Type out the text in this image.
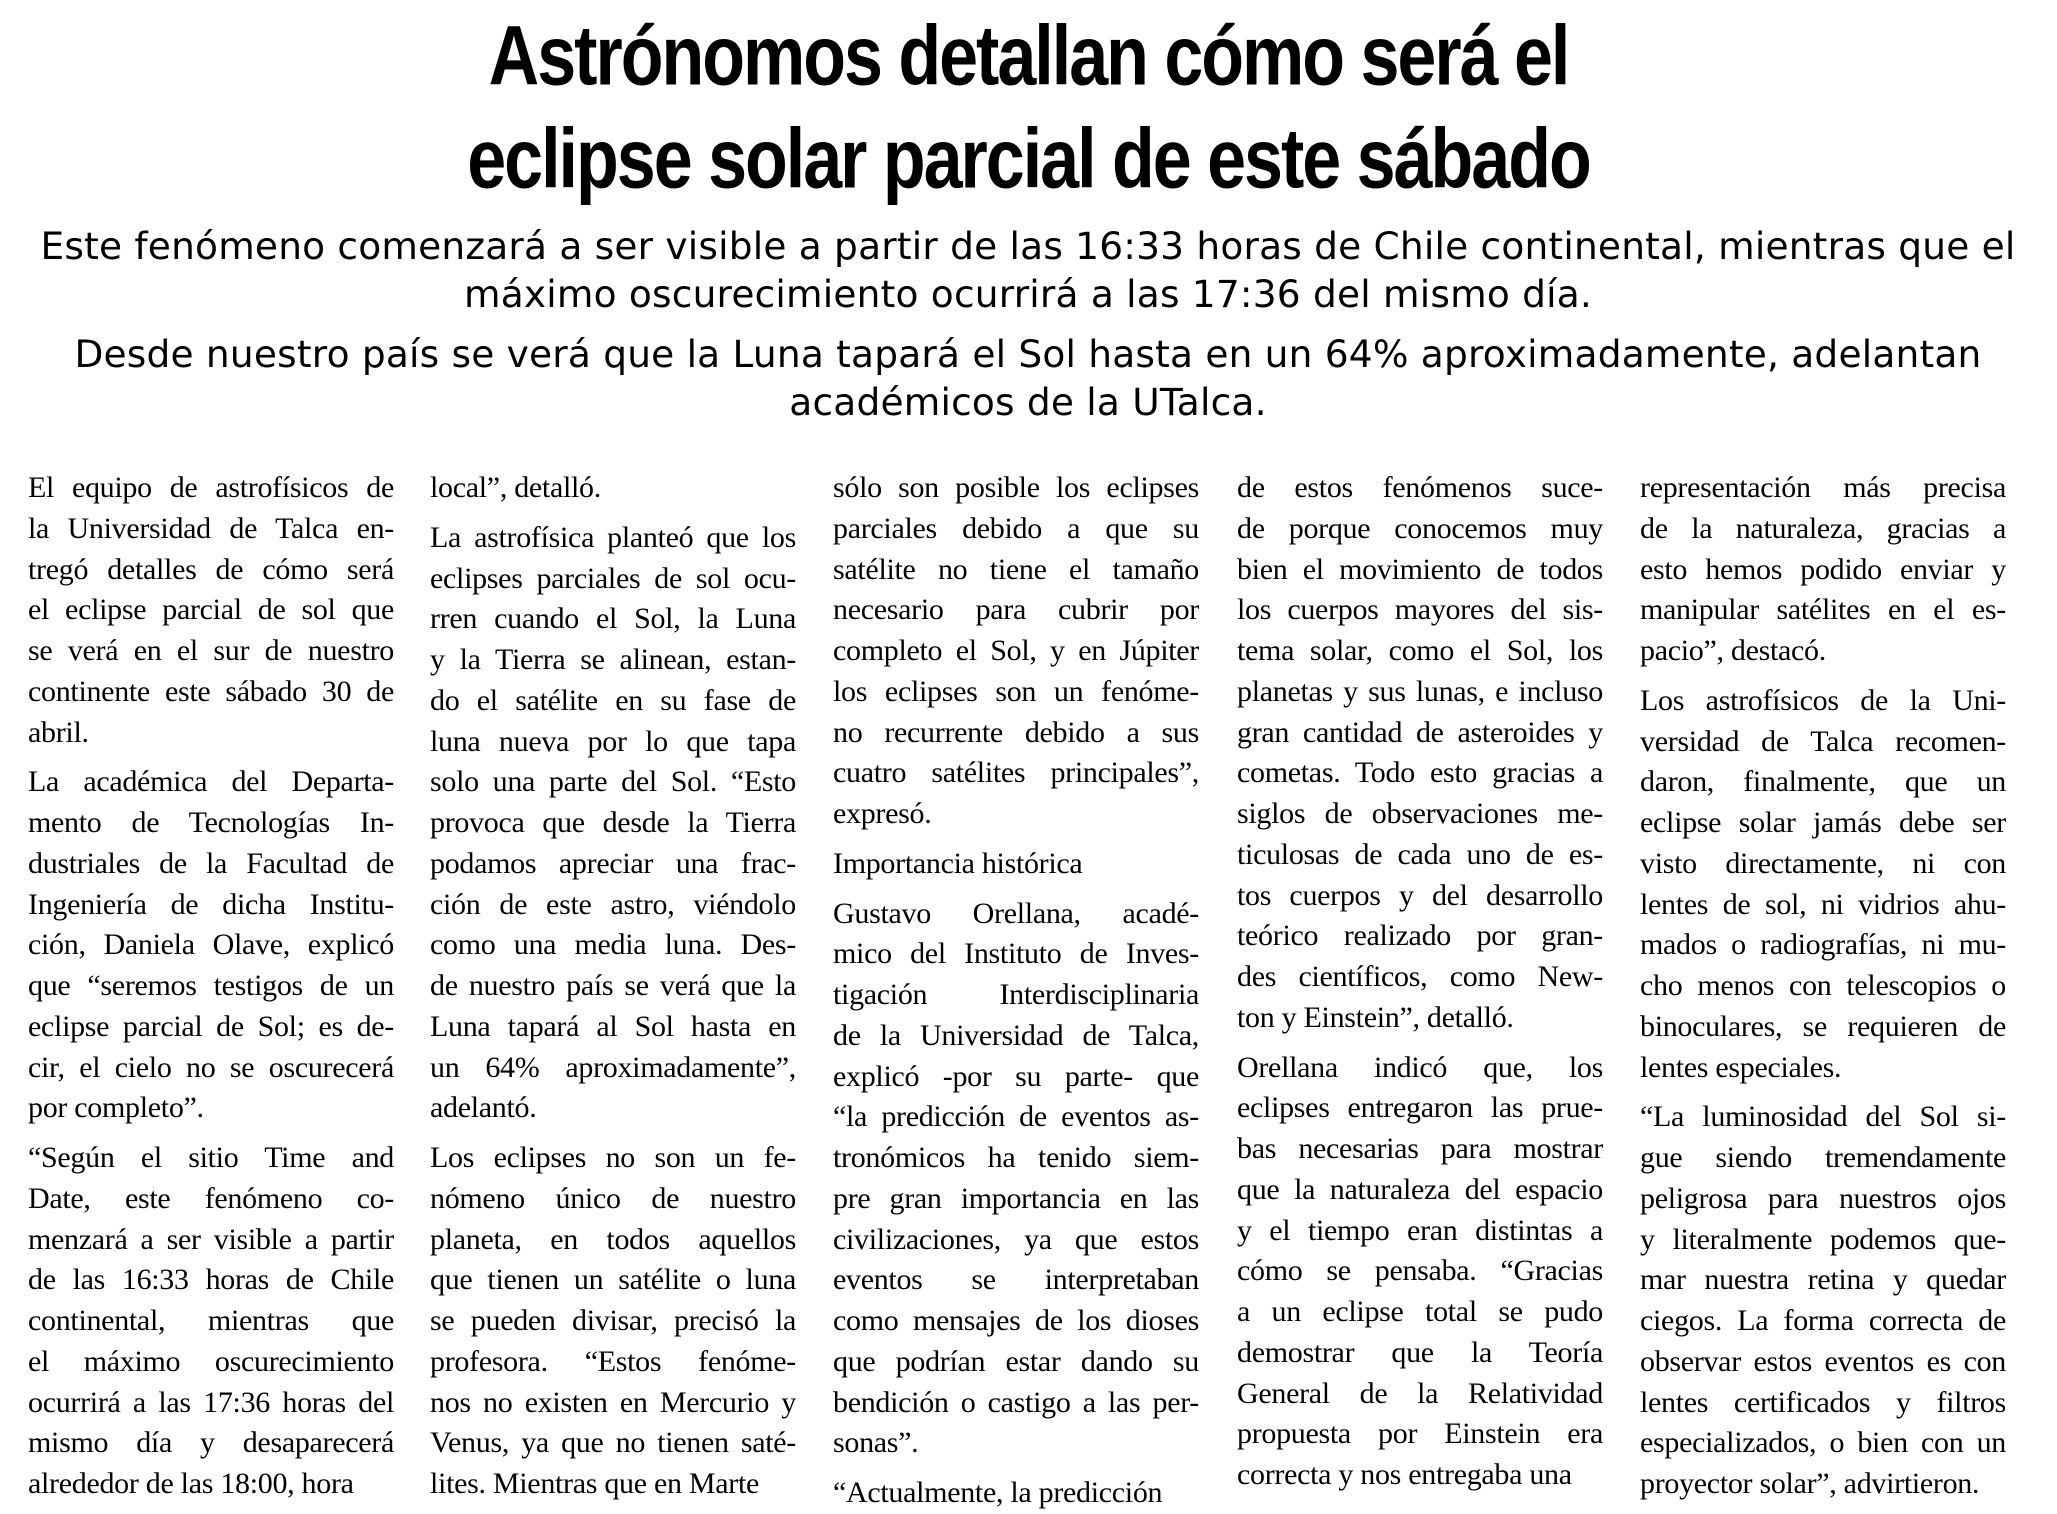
Astrónomos detallan cómo será el
eclipse solar parcial de este sábado

Este fenómeno comenzará a ser visible a partir de las 16:33 horas de Chile continental, mientras que el
máximo oscurecimiento ocurrirá a las 17:36 del mismo día.

Desde nuestro país se verá que la Luna tapará el Sol hasta en un 64% aproximadamente, adelantan
académicos de la UTalca.

El equipo de astrofísicos de
la Universidad de Talca en-
tregó detalles de cómo será
el eclipse parcial de sol que
se verá en el sur de nuestro
continente este sábado 30 de
abril.
La académica del Departa-
mento de Tecnologías In-
dustriales de la Facultad de
Ingeniería de dicha Institu-
ción, Daniela Olave, explicó
que “seremos testigos de un
eclipse parcial de Sol; es de-
cir, el cielo no se oscurecerá
por completo”.
“Según el sitio Time and
Date, este fenómeno co-
menzará a ser visible a partir
de las 16:33 horas de Chile
continental, mientras que
el máximo oscurecimiento
ocurrirá a las 17:36 horas del
mismo día y desaparecerá
alrededor de las 18:00, hora
local”, detalló.
La astrofísica planteó que los
eclipses parciales de sol ocu-
rren cuando el Sol, la Luna
y la Tierra se alinean, estan-
do el satélite en su fase de
luna nueva por lo que tapa
solo una parte del Sol. “Esto
provoca que desde la Tierra
podamos apreciar una frac-
ción de este astro, viéndolo
como una media luna. Des-
de nuestro país se verá que la
Luna tapará al Sol hasta en
un 64% aproximadamente”,
adelantó.
Los eclipses no son un fe-
nómeno único de nuestro
planeta, en todos aquellos
que tienen un satélite o luna
se pueden divisar, precisó la
profesora. “Estos fenóme-
nos no existen en Mercurio y
Venus, ya que no tienen saté-
lites. Mientras que en Marte
sólo son posible los eclipses
parciales debido a que su
satélite no tiene el tamaño
necesario para cubrir por
completo el Sol, y en Júpiter
los eclipses son un fenóme-
no recurrente debido a sus
cuatro satélites principales”,
expresó.
Importancia histórica
Gustavo Orellana, acadé-
mico del Instituto de Inves-
tigación Interdisciplinaria
de la Universidad de Talca,
explicó -por su parte- que
“la predicción de eventos as-
tronómicos ha tenido siem-
pre gran importancia en las
civilizaciones, ya que estos
eventos se interpretaban
como mensajes de los dioses
que podrían estar dando su
bendición o castigo a las per-
sonas”.
“Actualmente, la predicción
de estos fenómenos suce-
de porque conocemos muy
bien el movimiento de todos
los cuerpos mayores del sis-
tema solar, como el Sol, los
planetas y sus lunas, e incluso
gran cantidad de asteroides y
cometas. Todo esto gracias a
siglos de observaciones me-
ticulosas de cada uno de es-
tos cuerpos y del desarrollo
teórico realizado por gran-
des científicos, como New-
ton y Einstein”, detalló.
Orellana indicó que, los
eclipses entregaron las prue-
bas necesarias para mostrar
que la naturaleza del espacio
y el tiempo eran distintas a
cómo se pensaba. “Gracias
a un eclipse total se pudo
demostrar que la Teoría
General de la Relatividad
propuesta por Einstein era
correcta y nos entregaba una
representación más precisa
de la naturaleza, gracias a
esto hemos podido enviar y
manipular satélites en el es-
pacio”, destacó.
Los astrofísicos de la Uni-
versidad de Talca recomen-
daron, finalmente, que un
eclipse solar jamás debe ser
visto directamente, ni con
lentes de sol, ni vidrios ahu-
mados o radiografías, ni mu-
cho menos con telescopios o
binoculares, se requieren de
lentes especiales.
“La luminosidad del Sol si-
gue siendo tremendamente
peligrosa para nuestros ojos
y literalmente podemos que-
mar nuestra retina y quedar
ciegos. La forma correcta de
observar estos eventos es con
lentes certificados y filtros
especializados, o bien con un
proyector solar”, advirtieron.
